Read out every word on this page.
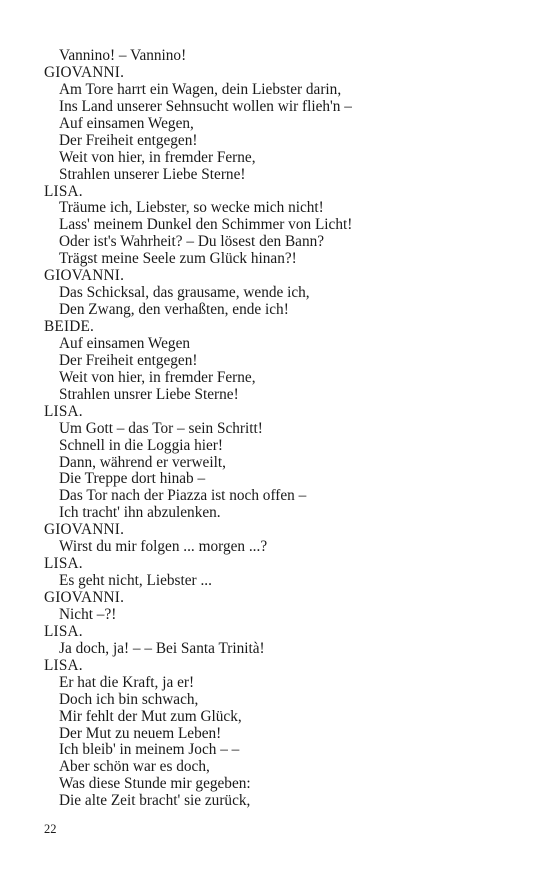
Vannino! – Vannino!
GIOVANNI.
Am Tore harrt ein Wagen, dein Liebster darin,
Ins Land unserer Sehnsucht wollen wir flieh'n –
Auf einsamen Wegen,
Der Freiheit entgegen!
Weit von hier, in fremder Ferne,
Strahlen unserer Liebe Sterne!
LISA.
Träume ich, Liebster, so wecke mich nicht!
Lass' meinem Dunkel den Schimmer von Licht!
Oder ist's Wahrheit? – Du lösest den Bann?
Trägst meine Seele zum Glück hinan?!
GIOVANNI.
Das Schicksal, das grausame, wende ich,
Den Zwang, den verhaßten, ende ich!
BEIDE.
Auf einsamen Wegen
Der Freiheit entgegen!
Weit von hier, in fremder Ferne,
Strahlen unsrer Liebe Sterne!
LISA.
Um Gott – das Tor – sein Schritt!
Schnell in die Loggia hier!
Dann, während er verweilt,
Die Treppe dort hinab –
Das Tor nach der Piazza ist noch offen –
Ich tracht' ihn abzulenken.
GIOVANNI.
Wirst du mir folgen ... morgen ...?
LISA.
Es geht nicht, Liebster ...
GIOVANNI.
Nicht –?!
LISA.
Ja doch, ja! – – Bei Santa Trinità!
LISA.
Er hat die Kraft, ja er!
Doch ich bin schwach,
Mir fehlt der Mut zum Glück,
Der Mut zu neuem Leben!
Ich bleib' in meinem Joch – –
Aber schön war es doch,
Was diese Stunde mir gegeben:
Die alte Zeit bracht' sie zurück,
22
